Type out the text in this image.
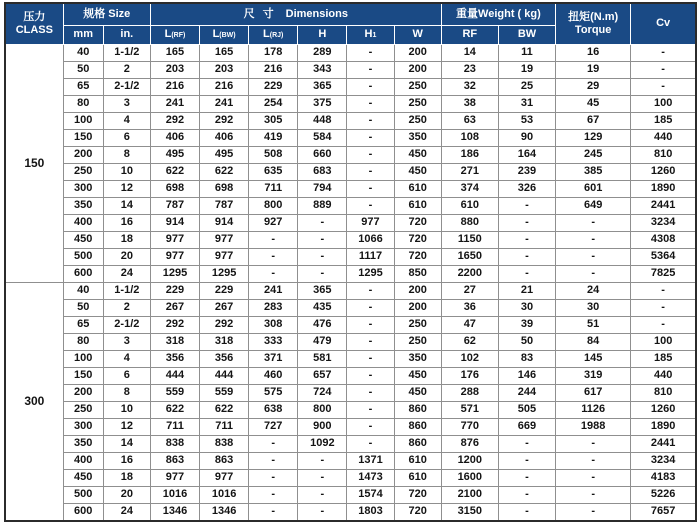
压力
CLASS	规格 Size		尺寸 Dimensions						重量Weight ( kg)		扭矩(N.m)
Torque	Cv
	mm	in.	L(RF)	L(BW)	L(RJ)	H	H1	W	RF	BW		
150	40	1-1/2	165	165	178	289	-	200	14	11	16	-
	50	2	203	203	216	343	-	200	23	19	19	-
	65	2-1/2	216	216	229	365	-	250	32	25	29	-
	80	3	241	241	254	375	-	250	38	31	45	100
	100	4	292	292	305	448	-	250	63	53	67	185
	150	6	406	406	419	584	-	350	108	90	129	440
	200	8	495	495	508	660	-	450	186	164	245	810
	250	10	622	622	635	683	-	450	271	239	385	1260
	300	12	698	698	711	794	-	610	374	326	601	1890
	350	14	787	787	800	889	-	610	610	-	649	2441
	400	16	914	914	927	-	977	720	880	-	-	3234
	450	18	977	977	-	-	1066	720	1150	-	-	4308
	500	20	977	977	-	-	1117	720	1650	-	-	5364
	600	24	1295	1295	-	-	1295	850	2200	-	-	7825
300	40	1-1/2	229	229	241	365	-	200	27	21	24	-
	50	2	267	267	283	435	-	200	36	30	30	-
	65	2-1/2	292	292	308	476	-	250	47	39	51	-
	80	3	318	318	333	479	-	250	62	50	84	100
	100	4	356	356	371	581	-	350	102	83	145	185
	150	6	444	444	460	657	-	450	176	146	319	440
	200	8	559	559	575	724	-	450	288	244	617	810
	250	10	622	622	638	800	-	860	571	505	1126	1260
	300	12	711	711	727	900	-	860	770	669	1988	1890
	350	14	838	838	-	1092	-	860	876	-	-	2441
	400	16	863	863	-	-	1371	610	1200	-	-	3234
	450	18	977	977	-	-	1473	610	1600	-	-	4183
	500	20	1016	1016	-	-	1574	720	2100	-	-	5226
	600	24	1346	1346	-	-	1803	720	3150	-	-	7657
